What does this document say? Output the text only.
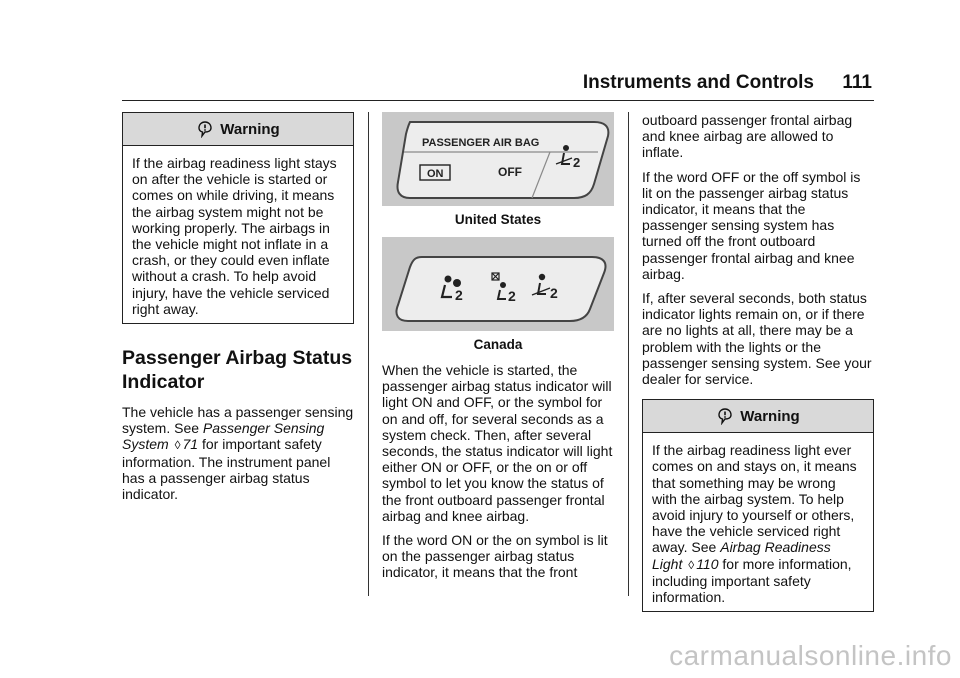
Instruments and Controls 111
Warning
If the airbag readiness light stays on after the vehicle is started or comes on while driving, it means the airbag system might not be working properly. The airbags in the vehicle might not inflate in a crash, or they could even inflate without a crash. To help avoid injury, have the vehicle serviced right away.
Passenger Airbag Status Indicator

The vehicle has a passenger sensing system. See Passenger Sensing System ◊ 71 for important safety information. The instrument panel has a passenger airbag status indicator.

PASSENGER AIR BAG
ON	OFF
2
United States
2	2 2
Canada

When the vehicle is started, the passenger airbag status indicator will light ON and OFF, or the symbol for on and off, for several seconds as a system check. Then, after several seconds, the status indicator will light either ON or OFF, or the on or off symbol to let you know the status of the front outboard passenger frontal airbag and knee airbag.

If the word ON or the on symbol is lit on the passenger airbag status indicator, it means that the front

outboard passenger frontal airbag and knee airbag are allowed to inflate.

If the word OFF or the off symbol is lit on the passenger airbag status indicator, it means that the passenger sensing system has turned off the front outboard passenger frontal airbag and knee airbag.

If, after several seconds, both status indicator lights remain on, or if there are no lights at all, there may be a problem with the lights or the passenger sensing system. See your dealer for service.

Warning
If the airbag readiness light ever comes on and stays on, it means that something may be wrong with the airbag system. To help avoid injury to yourself or others, have the vehicle serviced right away. See Airbag Readiness Light ◊ 110 for more information, including important safety information.
carmanualsonline.info
